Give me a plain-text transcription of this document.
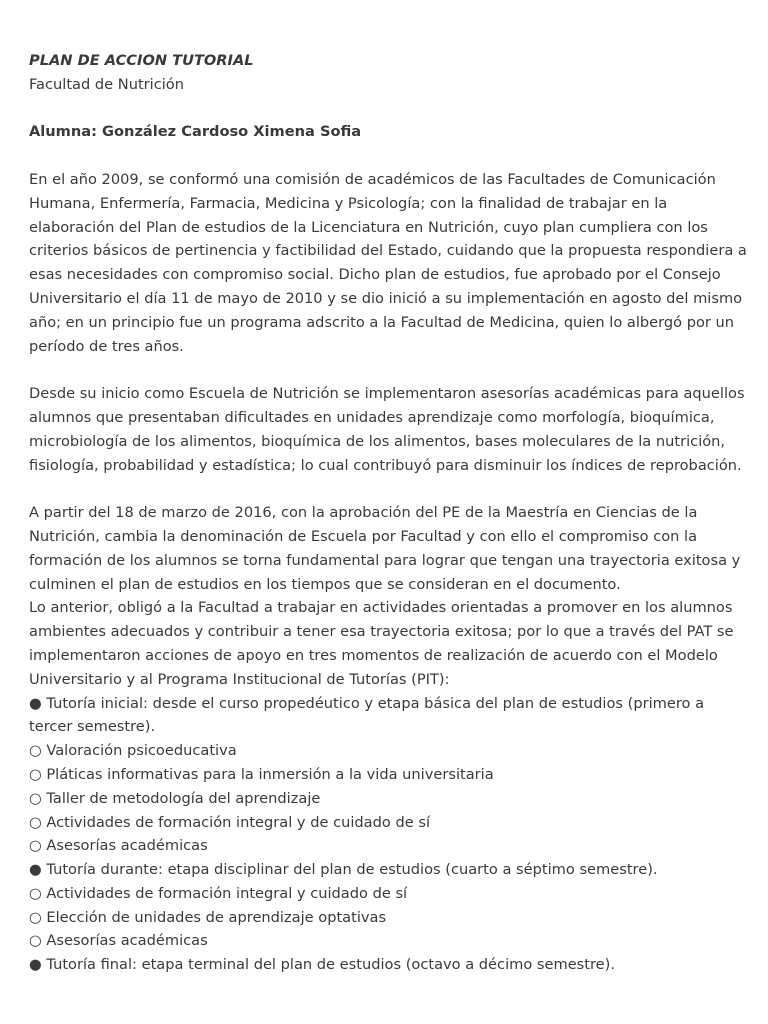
PLAN DE ACCION TUTORIAL

Facultad de Nutrición

Alumna: González Cardoso Ximena Sofia

En el año 2009, se conformó una comisión de académicos de las Facultades de Comunicación Humana, Enfermería, Farmacia, Medicina y Psicología; con la finalidad de trabajar en la elaboración del Plan de estudios de la Licenciatura en Nutrición, cuyo plan cumpliera con los criterios básicos de pertinencia y factibilidad del Estado, cuidando que la propuesta respondiera a esas necesidades con compromiso social. Dicho plan de estudios, fue aprobado por el Consejo Universitario el día 11 de mayo de 2010 y se dio inició a su implementación en agosto del mismo año; en un principio fue un programa adscrito a la Facultad de Medicina, quien lo albergó por un período de tres años.

Desde su inicio como Escuela de Nutrición se implementaron asesorías académicas para aquellos alumnos que presentaban dificultades en unidades aprendizaje como morfología, bioquímica, microbiología de los alimentos, bioquímica de los alimentos, bases moleculares de la nutrición, fisiología, probabilidad y estadística; lo cual contribuyó para disminuir los índices de reprobación.

A partir del 18 de marzo de 2016, con la aprobación del PE de la Maestría en Ciencias de la Nutrición, cambia la denominación de Escuela por Facultad y con ello el compromiso con la formación de los alumnos se torna fundamental para lograr que tengan una trayectoria exitosa y culminen el plan de estudios en los tiempos que se consideran en el documento.

Lo anterior, obligó a la Facultad a trabajar en actividades orientadas a promover en los alumnos ambientes adecuados y contribuir a tener esa trayectoria exitosa; por lo que a través del PAT se implementaron acciones de apoyo en tres momentos de realización de acuerdo con el Modelo Universitario y al Programa Institucional de Tutorías (PIT):

● Tutoría inicial: desde el curso propedéutico y etapa básica del plan de estudios (primero a tercer semestre).
○ Valoración psicoeducativa
○ Pláticas informativas para la inmersión a la vida universitaria
○ Taller de metodología del aprendizaje
○ Actividades de formación integral y de cuidado de sí
○ Asesorías académicas
● Tutoría durante: etapa disciplinar del plan de estudios (cuarto a séptimo semestre).
○ Actividades de formación integral y cuidado de sí
○ Elección de unidades de aprendizaje optativas
○ Asesorías académicas
● Tutoría final: etapa terminal del plan de estudios (octavo a décimo semestre).
